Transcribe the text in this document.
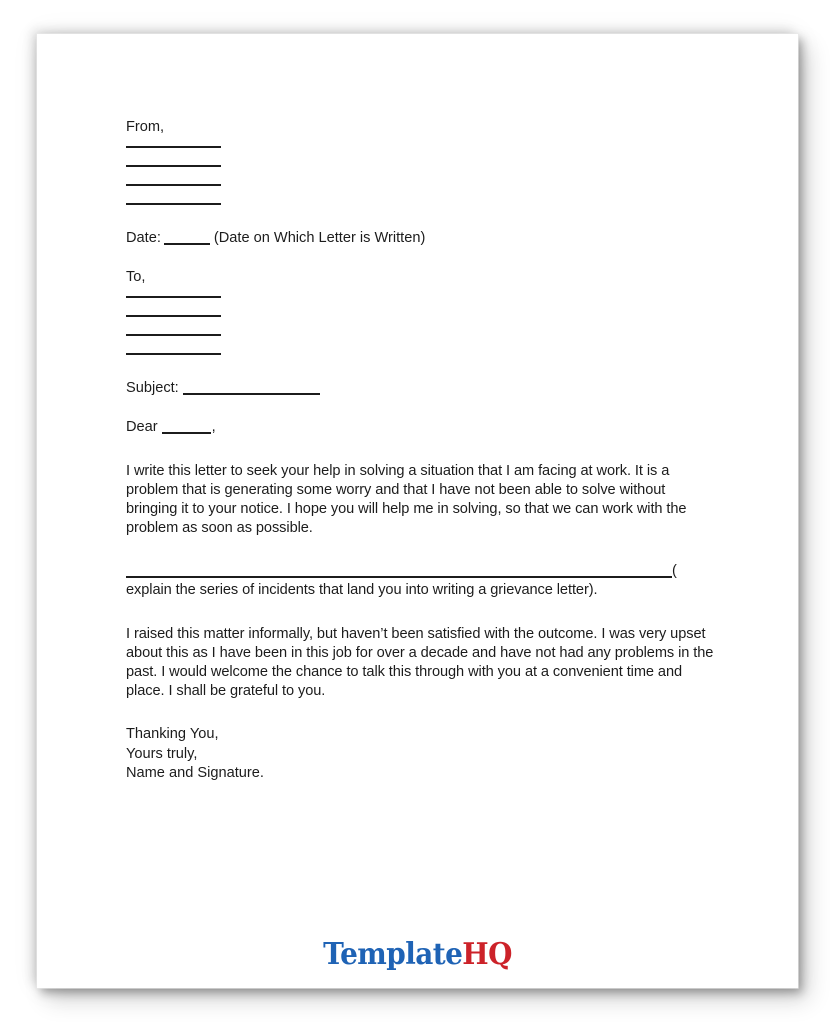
From,
Date:	(Date on Which Letter is Written)
To,
Subject:
Dear	,

I write this letter to seek your help in solving a situation that I am facing at work. It is a problem that is generating some worry and that I have not been able to solve without bringing it to your notice. I hope you will help me in solving, so that we can work with the problem as soon as possible.

(

explain the series of incidents that land you into writing a grievance letter).

I raised this matter informally, but haven’t been satisfied with the outcome. I was very upset about this as I have been in this job for over a decade and have not had any problems in the past. I would welcome the chance to talk this through with you at a convenient time and place. I shall be grateful to you.

Thanking You,
Yours truly,
Name and Signature.
TemplateHQ
